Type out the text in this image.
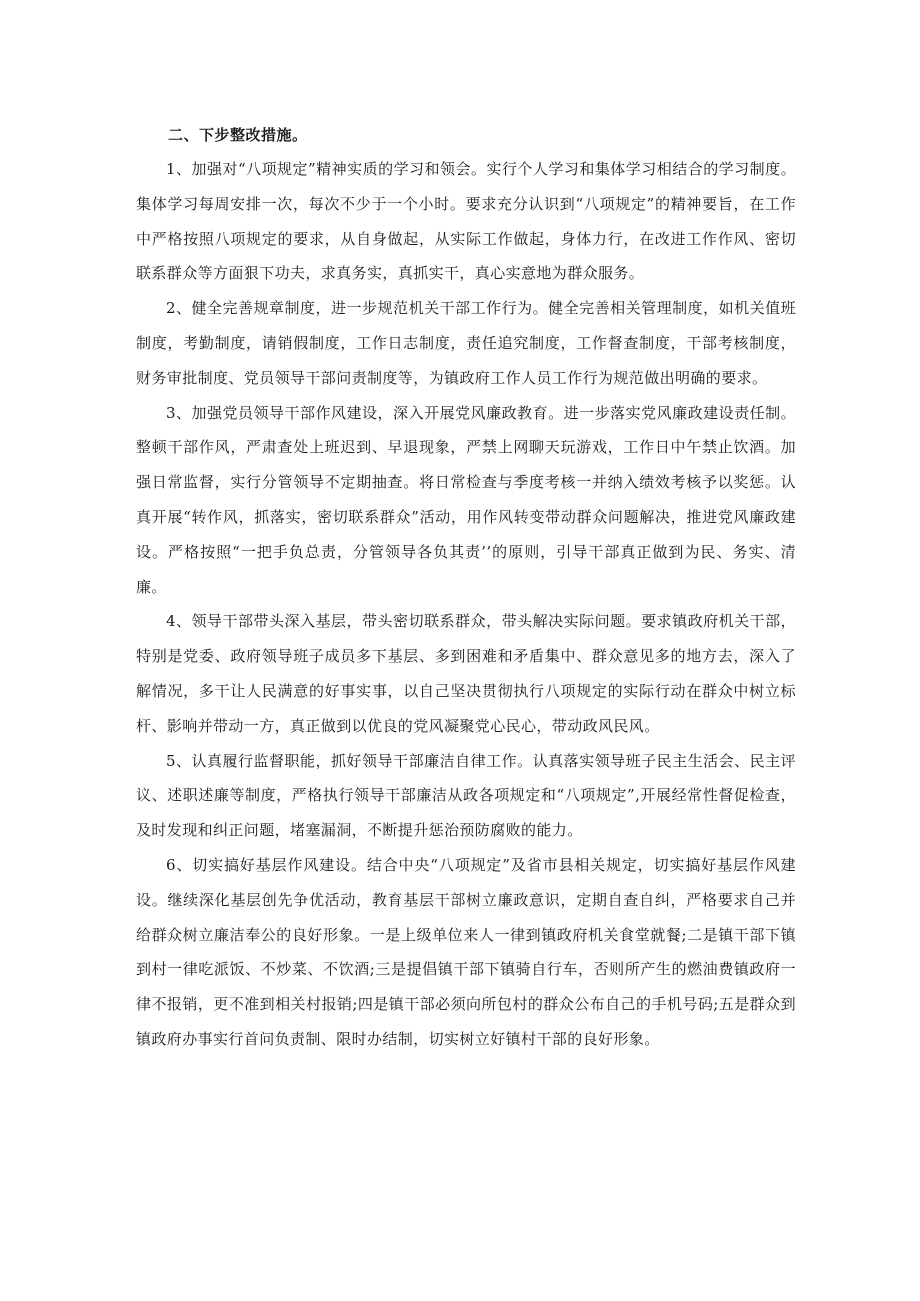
二、下步整改措施。

1、加强对“八项规定”精神实质的学习和领会。实行个人学习和集体学习相结合的学习制度。集体学习每周安排一次，每次不少于一个小时。要求充分认识到“八项规定”的精神要旨，在工作中严格按照八项规定的要求，从自身做起，从实际工作做起，身体力行，在改进工作作风、密切联系群众等方面狠下功夫，求真务实，真抓实干，真心实意地为群众服务。

2、健全完善规章制度，进一步规范机关干部工作行为。健全完善相关管理制度，如机关值班制度，考勤制度，请销假制度，工作日志制度，责任追究制度，工作督查制度，干部考核制度，财务审批制度、党员领导干部问责制度等，为镇政府工作人员工作行为规范做出明确的要求。

3、加强党员领导干部作风建设，深入开展党风廉政教育。进一步落实党风廉政建设责任制。整顿干部作风，严肃查处上班迟到、早退现象，严禁上网聊天玩游戏，工作日中午禁止饮酒。加强日常监督，实行分管领导不定期抽查。将日常检查与季度考核一并纳入绩效考核予以奖惩。认真开展“转作风，抓落实，密切联系群众”活动，用作风转变带动群众问题解决，推进党风廉政建设。严格按照“一把手负总责，分管领导各负其责’’的原则，引导干部真正做到为民、务实、清廉。

4、领导干部带头深入基层，带头密切联系群众，带头解决实际问题。要求镇政府机关干部，特别是党委、政府领导班子成员多下基层、多到困难和矛盾集中、群众意见多的地方去，深入了解情况，多干让人民满意的好事实事，以自己坚决贯彻执行八项规定的实际行动在群众中树立标杆、影响并带动一方，真正做到以优良的党风凝聚党心民心，带动政风民风。

5、认真履行监督职能，抓好领导干部廉洁自律工作。认真落实领导班子民主生活会、民主评议、述职述廉等制度，严格执行领导干部廉洁从政各项规定和“八项规定”,开展经常性督促检查，及时发现和纠正问题，堵塞漏洞，不断提升惩治预防腐败的能力。

6、切实搞好基层作风建设。结合中央“八项规定”及省市县相关规定，切实搞好基层作风建设。继续深化基层创先争优活动，教育基层干部树立廉政意识，定期自查自纠，严格要求自己并给群众树立廉洁奉公的良好形象。一是上级单位来人一律到镇政府机关食堂就餐;二是镇干部下镇到村一律吃派饭、不炒菜、不饮酒;三是提倡镇干部下镇骑自行车，否则所产生的燃油费镇政府一律不报销，更不准到相关村报销;四是镇干部必须向所包村的群众公布自己的手机号码;五是群众到镇政府办事实行首问负责制、限时办结制，切实树立好镇村干部的良好形象。
